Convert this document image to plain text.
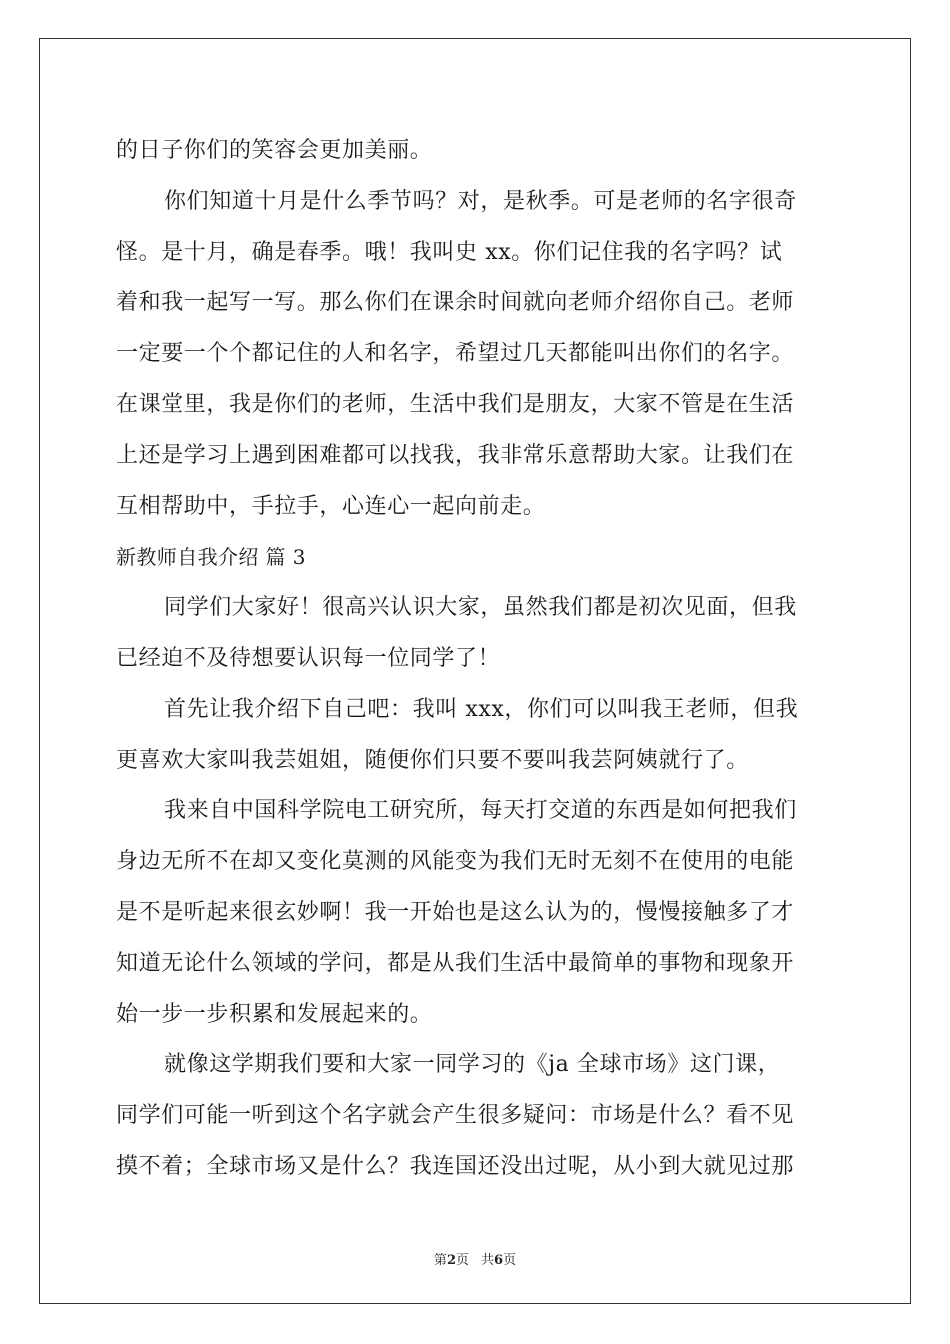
的日子你们的笑容会更加美丽。
你们知道十月是什么季节吗？对，是秋季。可是老师的名字很奇
怪。是十月，确是春季。哦！我叫史 xx。你们记住我的名字吗？试
着和我一起写一写。那么你们在课余时间就向老师介绍你自己。老师
一定要一个个都记住的人和名字，希望过几天都能叫出你们的名字。
在课堂里，我是你们的老师，生活中我们是朋友，大家不管是在生活
上还是学习上遇到困难都可以找我，我非常乐意帮助大家。让我们在
互相帮助中，手拉手，心连心一起向前走。
新教师自我介绍 篇 3
同学们大家好！很高兴认识大家，虽然我们都是初次见面，但我
已经迫不及待想要认识每一位同学了！
首先让我介绍下自己吧：我叫 xxx，你们可以叫我王老师，但我
更喜欢大家叫我芸姐姐，随便你们只要不要叫我芸阿姨就行了。
我来自中国科学院电工研究所，每天打交道的东西是如何把我们
身边无所不在却又变化莫测的风能变为我们无时无刻不在使用的电能
是不是听起来很玄妙啊！我一开始也是这么认为的，慢慢接触多了才
知道无论什么领域的学问，都是从我们生活中最简单的事物和现象开
始一步一步积累和发展起来的。
就像这学期我们要和大家一同学习的《ja 全球市场》这门课，
同学们可能一听到这个名字就会产生很多疑问：市场是什么？看不见
摸不着；全球市场又是什么？我连国还没出过呢，从小到大就见过那
第2页 共6页
